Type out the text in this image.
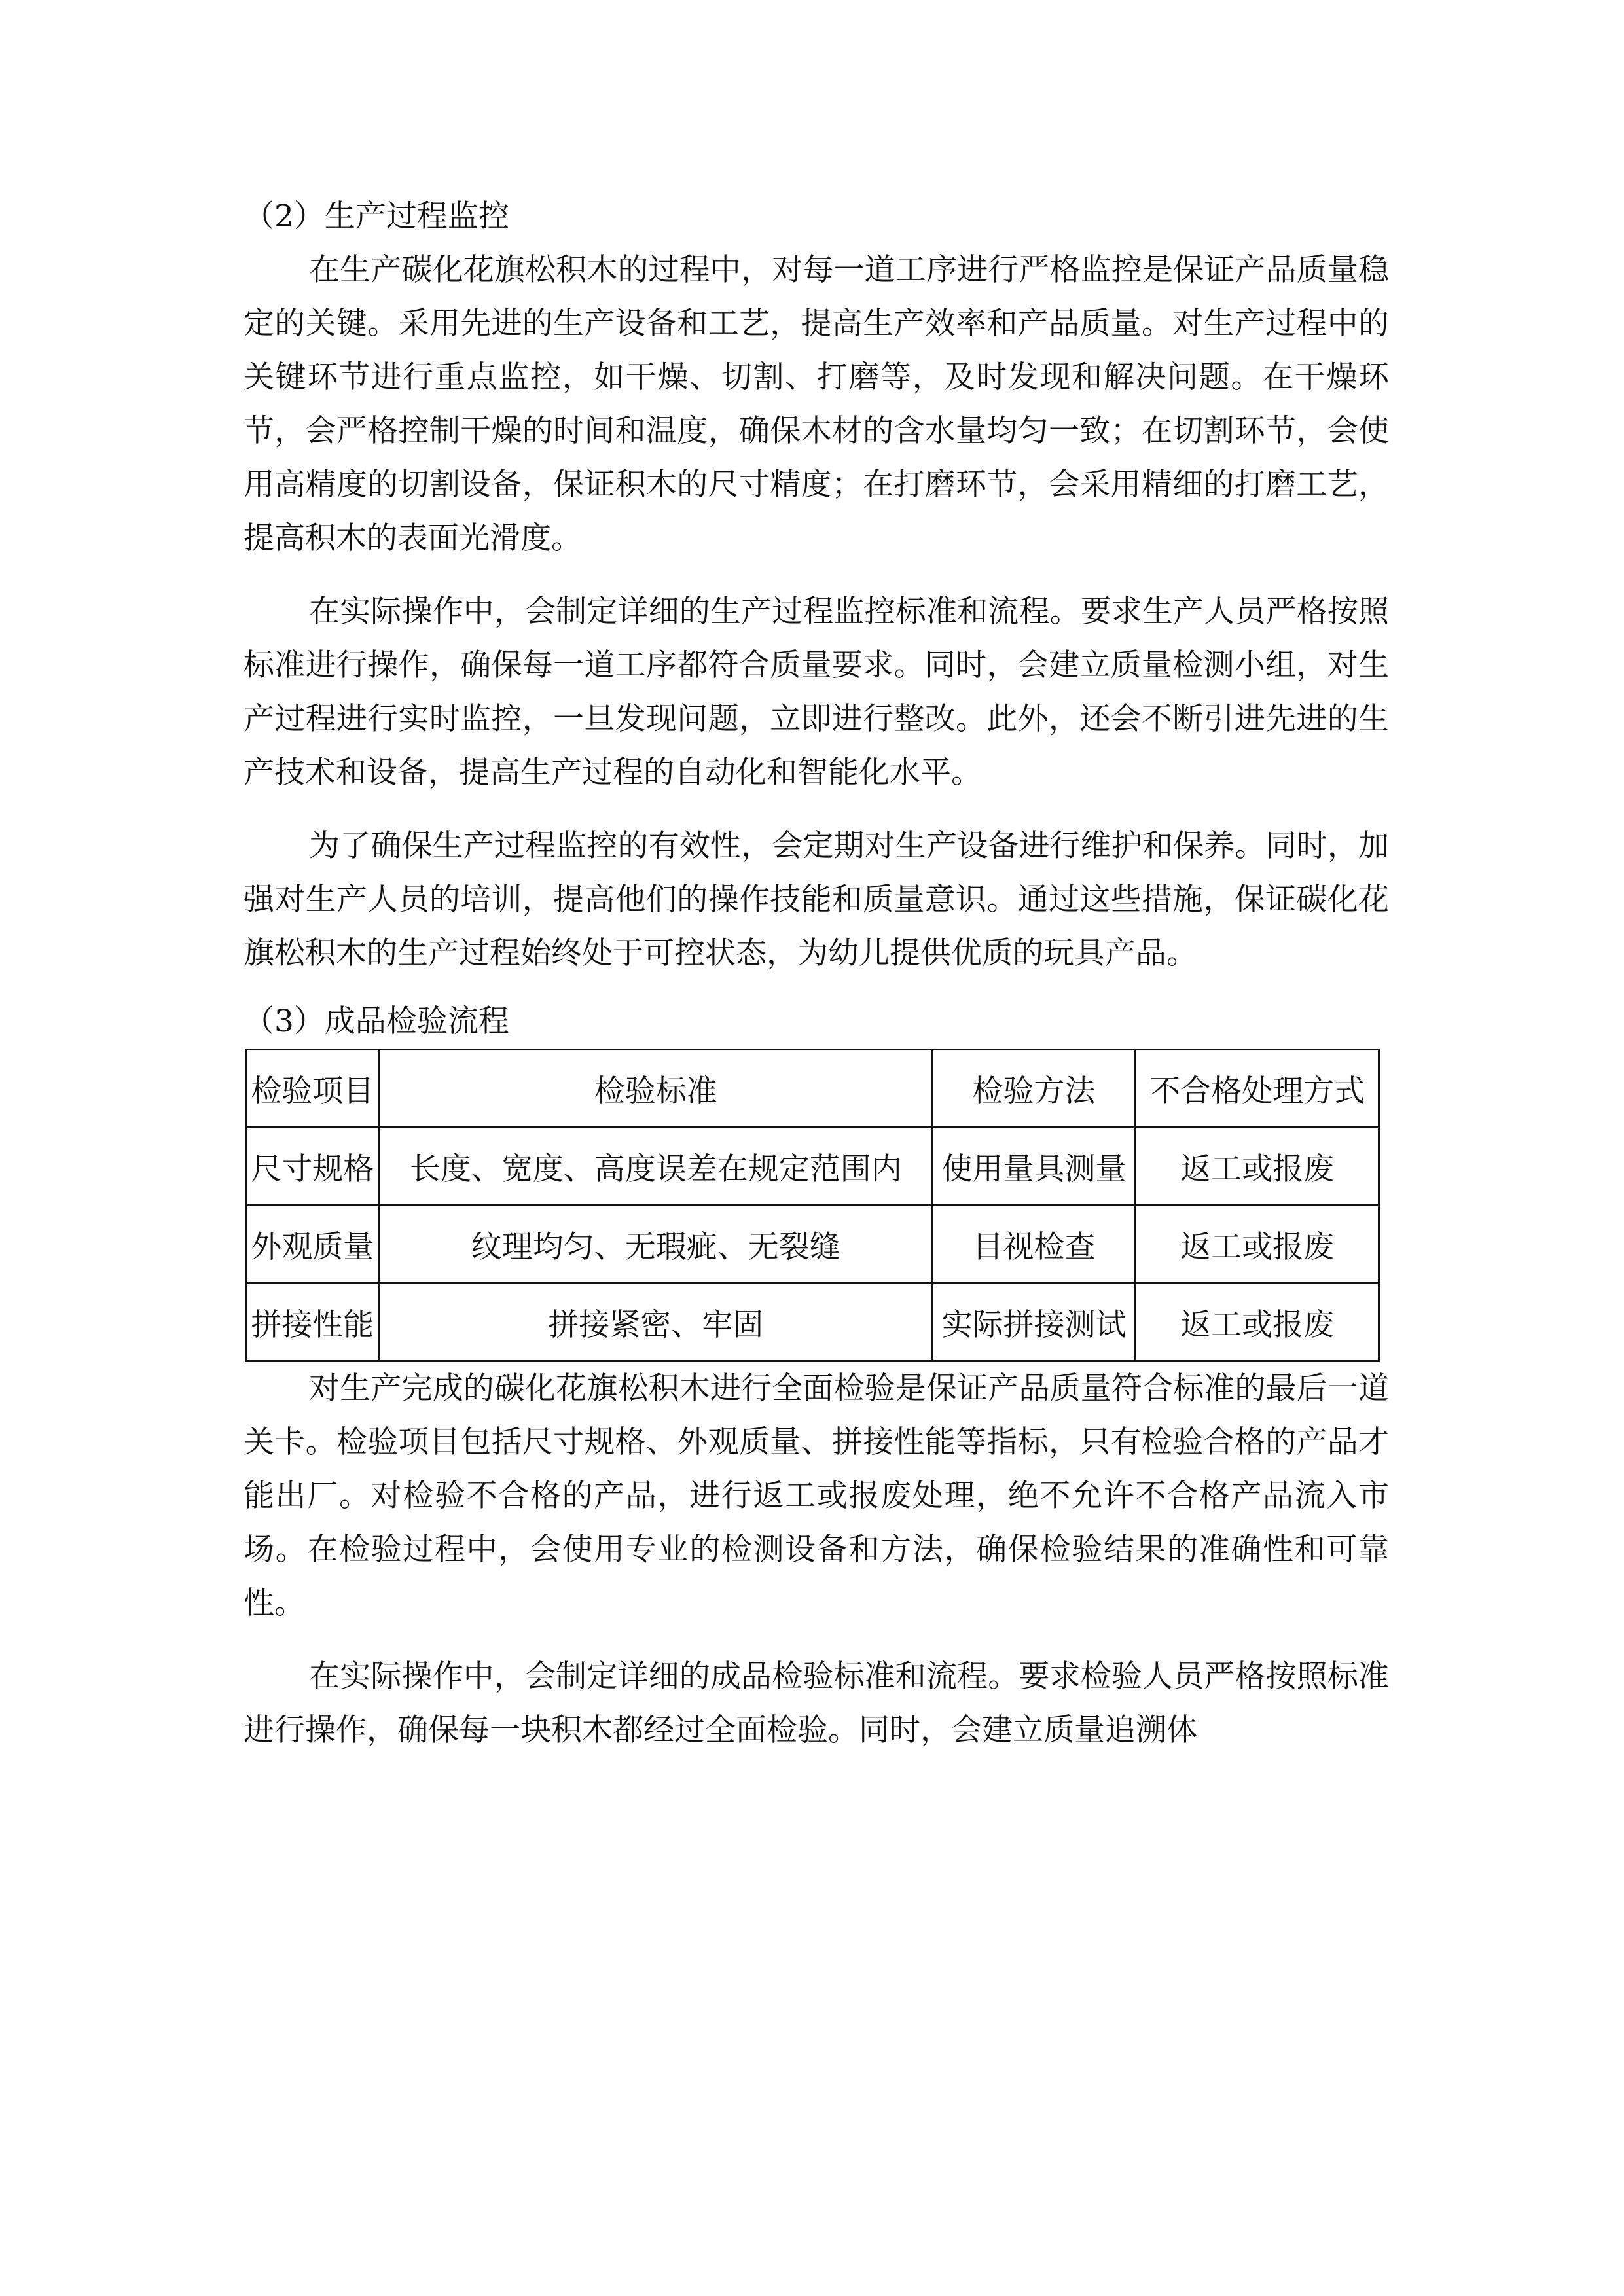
（2）生产过程监控

在生产碳化花旗松积木的过程中，对每一道工序进行严格监控是保证产品质量稳定的关键。采用先进的生产设备和工艺，提高生产效率和产品质量。对生产过程中的关键环节进行重点监控，如干燥、切割、打磨等，及时发现和解决问题。在干燥环节，会严格控制干燥的时间和温度，确保木材的含水量均匀一致；在切割环节，会使用高精度的切割设备，保证积木的尺寸精度；在打磨环节，会采用精细的打磨工艺，提高积木的表面光滑度。

在实际操作中，会制定详细的生产过程监控标准和流程。要求生产人员严格按照标准进行操作，确保每一道工序都符合质量要求。同时，会建立质量检测小组，对生产过程进行实时监控，一旦发现问题，立即进行整改。此外，还会不断引进先进的生产技术和设备，提高生产过程的自动化和智能化水平。

为了确保生产过程监控的有效性，会定期对生产设备进行维护和保养。同时，加强对生产人员的培训，提高他们的操作技能和质量意识。通过这些措施，保证碳化花旗松积木的生产过程始终处于可控状态，为幼儿提供优质的玩具产品。

（3）成品检验流程

检验项目	检验标准	检验方法	不合格处理方式
尺寸规格	长度、宽度、高度误差在规定范围内	使用量具测量	返工或报废
外观质量	纹理均匀、无瑕疵、无裂缝	目视检查	返工或报废
拼接性能	拼接紧密、牢固	实际拼接测试	返工或报废

对生产完成的碳化花旗松积木进行全面检验是保证产品质量符合标准的最后一道关卡。检验项目包括尺寸规格、外观质量、拼接性能等指标，只有检验合格的产品才能出厂。对检验不合格的产品，进行返工或报废处理，绝不允许不合格产品流入市场。在检验过程中，会使用专业的检测设备和方法，确保检验结果的准确性和可靠性。

在实际操作中，会制定详细的成品检验标准和流程。要求检验人员严格按照标准进行操作，确保每一块积木都经过全面检验。同时，会建立质量追溯体
